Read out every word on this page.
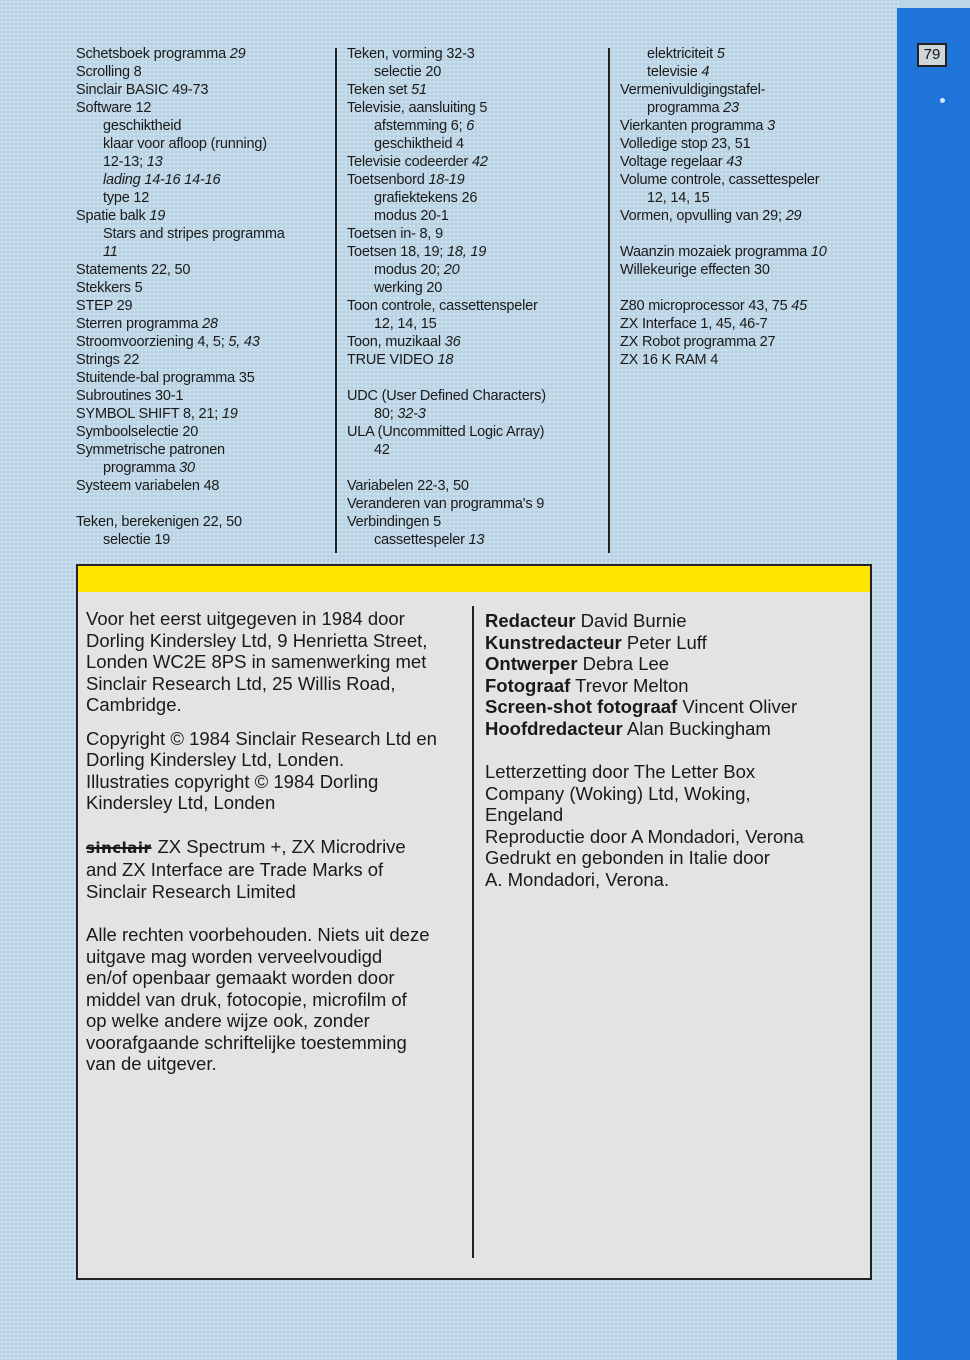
79
Schetsboek programma 29
Scrolling 8
Sinclair BASIC 49-73
Software 12
geschiktheid
klaar voor afloop (running)
12-13; 13
lading 14-16 14-16
type 12
Spatie balk 19
Stars and stripes programma
11
Statements 22, 50
Stekkers 5
STEP 29
Sterren programma 28
Stroomvoorziening 4, 5; 5, 43
Strings 22
Stuitende-bal programma 35
Subroutines 30-1
SYMBOL SHIFT 8, 21; 19
Symboolselectie 20
Symmetrische patronen
programma 30
Systeem variabelen 48
Teken, berekenigen 22, 50
selectie 19
Teken, vorming 32-3
selectie 20
Teken set 51
Televisie, aansluiting 5
afstemming 6; 6
geschiktheid 4
Televisie codeerder 42
Toetsenbord 18-19
grafiektekens 26
modus 20-1
Toetsen in- 8, 9
Toetsen 18, 19; 18, 19
modus 20; 20
werking 20
Toon controle, cassettenspeler
12, 14, 15
Toon, muzikaal 36
TRUE VIDEO 18
UDC (User Defined Characters)
80; 32-3
ULA (Uncommitted Logic Array)
42
Variabelen 22-3, 50
Veranderen van programma's 9
Verbindingen 5
cassettespeler 13
elektriciteit 5
televisie 4
Vermenivuldigingstafel-
programma 23
Vierkanten programma 3
Volledige stop 23, 51
Voltage regelaar 43
Volume controle, cassettespeler
12, 14, 15
Vormen, opvulling van 29; 29
Waanzin mozaiek programma 10
Willekeurige effecten 30
Z80 microprocessor 43, 75 45
ZX Interface 1, 45, 46-7
ZX Robot programma 27
ZX 16 K RAM 4
Voor het eerst uitgegeven in 1984 door
Dorling Kindersley Ltd, 9 Henrietta Street,
Londen WC2E 8PS in samenwerking met
Sinclair Research Ltd, 25 Willis Road,
Cambridge.
Copyright © 1984 Sinclair Research Ltd en
Dorling Kindersley Ltd, Londen.
Illustraties copyright © 1984 Dorling
Kindersley Ltd, Londen
sinclair ZX Spectrum +, ZX Microdrive
and ZX Interface are Trade Marks of
Sinclair Research Limited
Alle rechten voorbehouden. Niets uit deze
uitgave mag worden verveelvoudigd
en/of openbaar gemaakt worden door
middel van druk, fotocopie, microfilm of
op welke andere wijze ook, zonder
voorafgaande schriftelijke toestemming
van de uitgever.
Redacteur David Burnie
Kunstredacteur Peter Luff
Ontwerper Debra Lee
Fotograaf Trevor Melton
Screen-shot fotograaf Vincent Oliver
Hoofdredacteur Alan Buckingham
Letterzetting door The Letter Box
Company (Woking) Ltd, Woking,
Engeland
Reproductie door A Mondadori, Verona
Gedrukt en gebonden in Italie door
A. Mondadori, Verona.
